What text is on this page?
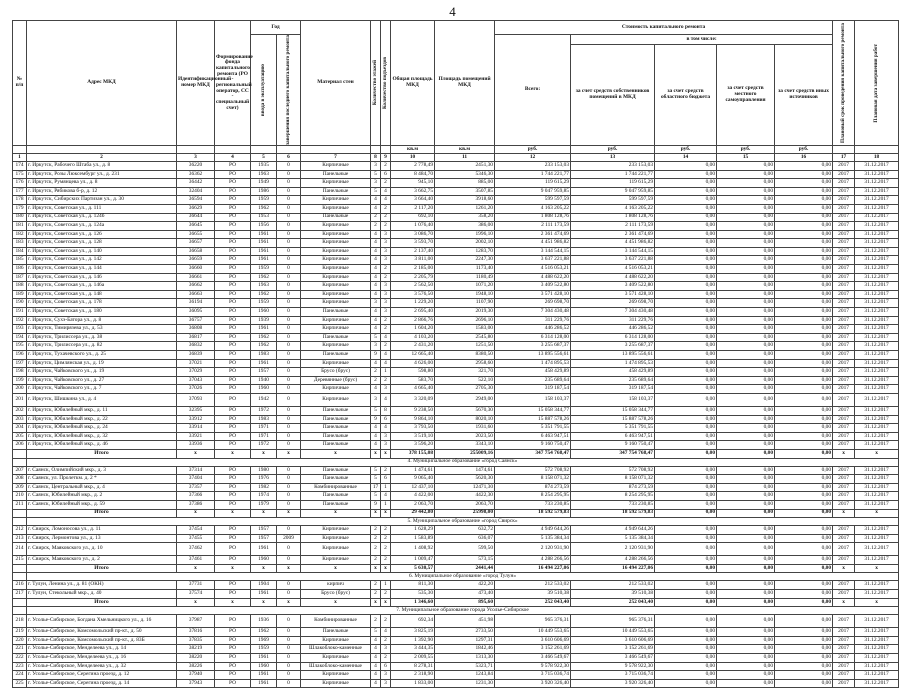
4
№ п/п	Адрес МКД	Идентификационный номер МКД	Формирование фонда капитального ремонта (РО - региональный оператор, СС - специальный счет)	Год		Материал стен	Количество этажей	Количество подъездов	Общая площадь МКД	Площадь помещений МКД	Стоимость капитального ремонта					Плановый срок проведения капитального ремонта	Плановая дата завершения работ

				ввода в эксплуатацию	завершения последнего капитального ремонта						Всего:	в том числе:					
												за счет средств собственников помещений в МКД	за счет средств областного бюджета	за счет средств местного самоуправления	за счет средств иных источников		
									кв.м	кв.м	руб.	руб.	руб.	руб.	руб.		
1	2	3	4	5	6	7	8	9	10	11	12	13	14	15	16	17	18
174	г. Иркутск, Рабочего Штаба ул., д. 8	36220	РО	1935	0	Кирпичные	3	2	2 778,49	2451,30	233 153,03	233 153,03	0,00	0,00	0,00	2017	31.12.2017
175	г. Иркутск, Розы Люксембург ул., д. 231	36362	РО	1963	0	Панельные	5	6	8 484,70	5346,30	1 744 221,77	1 744 221,77	0,00	0,00	0,00	2017	31.12.2017
176	г. Иркутск, Румянцева ул., д. 8	36442	РО	1949	0	Кирпичные	3	2	945,10	885,00	119 615,29	119 615,29	0,00	0,00	0,00	2017	31.12.2017
177	г. Иркутск, Рябикова б-р, д. 12	32404	РО	1986	0	Панельные	5	4	3 662,75	3507,85	9 047 959,85	9 047 959,85	0,00	0,00	0,00	2017	31.12.2017
178	г. Иркутск, Сибирских Партизан ул., д. 30	36594	РО	1959	0	Кирпичные	4	4	3 664,40	3918,60	599 597,59	599 597,59	0,00	0,00	0,00	2017	31.12.2017
179	г. Иркутск, Советская ул., д. 111	36629	РО	1962	0	Кирпичные	4	2	2 117,20	1261,20	4 163 205,22	4 163 205,22	0,00	0,00	0,00	2017	31.12.2017
180	г. Иркутск, Советская ул., д. 124б	36644	РО	1953	0	Панельные	2	2	692,10	358,20	1 808 128,76	1 808 128,76	0,00	0,00	0,00	2017	31.12.2017
181	г. Иркутск, Советская ул., д. 124а	36645	РО	1956	0	Кирпичные	2	2	1 076,40	386,00	2 111 173,59	2 111 173,59	0,00	0,00	0,00	2017	31.12.2017
182	г. Иркутск, Советская ул., д. 126	36655	РО	1961	0	Кирпичные	4	3	3 086,70	1996,10	2 361 474,69	2 361 474,69	0,00	0,00	0,00	2017	31.12.2017
183	г. Иркутск, Советская ул., д. 128	36657	РО	1961	0	Кирпичные	4	3	3 593,70	2002,10	4 451 986,82	4 451 986,82	0,00	0,00	0,00	2017	31.12.2017
184	г. Иркутск, Советская ул., д. 140	36658	РО	1961	0	Кирпичные	4	3	2 137,40	1283,70	3 144 544,15	3 144 544,15	0,00	0,00	0,00	2017	31.12.2017
185	г. Иркутск, Советская ул., д. 142	36659	РО	1961	0	Кирпичные	4	3	3 811,00	2247,30	3 637 221,88	3 637 221,88	0,00	0,00	0,00	2017	31.12.2017
186	г. Иркутск, Советская ул., д. 144	36660	РО	1959	0	Кирпичные	4	2	2 185,00	1173,40	4 516 053,21	4 516 053,21	0,00	0,00	0,00	2017	31.12.2017
187	г. Иркутск, Советская ул., д. 146	36661	РО	1962	0	Кирпичные	4	2	2 205,79	1180,49	4 488 622,20	4 488 622,20	0,00	0,00	0,00	2017	31.12.2017
188	г. Иркутск, Советская ул., д. 146а	36662	РО	1963	0	Кирпичные	4	3	2 562,50	1071,20	3 409 522,80	3 409 522,80	0,00	0,00	0,00	2017	31.12.2017
189	г. Иркутск, Советская ул., д. 148	36663	РО	1962	0	Кирпичные	4	3	3 576,50	1948,10	3 571 428,10	3 571 428,10	0,00	0,00	0,00	2017	31.12.2017
190	г. Иркутск, Советская ул., д. 178	36194	РО	1959	0	Кирпичные	3	3	1 229,20	1107,90	269 698,70	269 698,70	0,00	0,00	0,00	2017	31.12.2017
191	г. Иркутск, Советская ул., д. 180	36095	РО	1960	0	Панельные	4	3	2 695,40	2019,30	7 304 430,48	7 304 430,48	0,00	0,00	0,00	2017	31.12.2017
192	г. Иркутск, Сухэ-Батора ул., д. 8	36757	РО	1939	0	Кирпичные	4	2	2 866,76	2696,10	311 229,76	311 229,76	0,00	0,00	0,00	2017	31.12.2017
193	г. Иркутск, Тимирязева ул., д. 53	36808	РО	1961	0	Кирпичные	4	2	1 604,20	1583,00	446 286,52	446 286,52	0,00	0,00	0,00	2017	31.12.2017
194	г. Иркутск, Трилиссера ул., д. 38	36817	РО	1962	0	Панельные	5	4	4 103,20	2545,80	6 314 128,00	6 314 128,00	0,00	0,00	0,00	2017	31.12.2017
195	г. Иркутск, Трилиссера ул., д. 82	36832	РО	1962	0	Кирпичные	3	2	2 431,20	1251,50	3 255 687,37	3 255 687,37	0,00	0,00	0,00	2017	31.12.2017
196	г. Иркутск, Тухачевского ул., д. 25	36839	РО	1983	0	Панельные	9	4	12 665,40	8380,50	13 895 556,61	13 895 556,61	0,00	0,00	0,00	2017	31.12.2017
197	г. Иркутск, Цимлянская ул., д. 19	37021	РО	1961	0	Кирпичные	4	4	4 626,00	2958,60	1 474 895,53	1 474 895,53	0,00	0,00	0,00	2017	31.12.2017
198	г. Иркутск, Чайковского ул., д. 19	37029	РО	1957	0	Брусо (брус)	2	1	598,80	321,70	458 429,89	458 429,89	0,00	0,00	0,00	2017	31.12.2017
199	г. Иркутск, Чайковского ул., д. 27	37043	РО	1940	0	Деревянные (брус)	2	2	583,70	522,10	235 689,64	235 689,64	0,00	0,00	0,00	2017	31.12.2017
200	г. Иркутск, Чайковского ул., д. 7	37026	РО	1960	0	Кирпичные	4	3	4 665,40	2705,30	319 187,54	319 187,54	0,00	0,00	0,00	2017	31.12.2017
201	г. Иркутск, Шишкина ул., д. 4	37093	РО	1942	0	Кирпичные	3	4	3 320,09	2949,00	158 103,37	158 103,37	0,00	0,00	0,00	2017	31.12.2017
202	г. Иркутск, Юбилейный мкр., д. 11	32395	РО	1972	0	Панельные	5	8	9 238,50	5670,30	15 058 344,77	15 058 344,77	0,00	0,00	0,00	2017	31.12.2017
203	г. Иркутск, Юбилейный мкр., д. 22	33912	РО	1983	0	Панельные	9	6	9 864,10	8020,10	15 887 578,26	15 887 578,26	0,00	0,00	0,00	2017	31.12.2017
204	г. Иркутск, Юбилейный мкр., д. 24	33914	РО	1971	0	Панельные	4	4	3 793,50	1931,60	5 351 791,55	5 351 791,55	0,00	0,00	0,00	2017	31.12.2017
205	г. Иркутск, Юбилейный мкр., д. 32	33921	РО	1971	0	Панельные	4	3	3 519,10	2023,50	6 463 947,51	6 463 947,51	0,00	0,00	0,00	2017	31.12.2017
206	г. Иркутск, Юбилейный мкр., д. 46	33936	РО	1972	0	Панельные	4	3	3 596,20	3343,10	9 160 750,47	9 160 750,47	0,00	0,00	0,00	2017	31.12.2017
	Итого	x	x	x	x	x	x	x	378 155,08	255009,16	347 754 768,47	347 754 768,47	0,00	0,00	0,00	x	x
	4. Муниципальное образование «город Саянск»																
207	г. Саянск, Олимпийский мкр., д. 3	37314	РО	1980	0	Панельные	5	2	1 474,61	1474,61	572 708,92	572 708,92	0,00	0,00	0,00	2017	31.12.2017
208	г. Саянск, ул. Пролеткм. д. 2 *	37404	РО	1976	0	Панельные	5	6	9 065,40	5620,30	8 158 071,32	8 158 071,32	0,00	0,00	0,00	2017	31.12.2017
209	г. Саянск, Центральный мкр., д. 4	37357	РО	1982	0	Комбинированные	17	1	12 437,10	12471,30	874 273,59	874 273,59	0,00	0,00	0,00	2017	31.12.2017
210	г. Саянск, Юбилейный мкр., д. 2	37366	РО	1974	0	Панельные	5	4	4 422,00	4422,30	8 254 295,95	8 254 295,95	0,00	0,00	0,00	2017	31.12.2017
211	г. Саянск, Юбилейный мкр., д. 59	37386	РО	1979	0	Панельные	9	1	2 063,70	2063,70	733 230,85	733 230,85	0,00	0,00	0,00	2017	31.12.2017
	Итого	x	x	x	x	x	x	x	29 442,80	25998,00	18 592 579,83	18 592 579,83	0,00	0,00	0,00	x	x
	5. Муниципальное образование «город Свирск»																
212	г. Свирск, Ломоносова ул., д. 11	37454	РО	1957	0	Кирпичные	2	2	1 628,29	632,72	4 949 644,26	4 949 644,26	0,00	0,00	0,00	2017	31.12.2017
213	г. Свирск, Лермонтова ул., д. 13	37455	РО	1957	2009	Кирпичные	2	2	1 583,89	636,07	5 135 384,34	5 135 384,34	0,00	0,00	0,00	2017	31.12.2017
214	г. Свирск, Маяковского ул., д. 10	37462	РО	1961	0	Кирпичные	2	2	1 408,92	599,50	2 120 931,90	2 120 931,90	0,00	0,00	0,00	2017	31.12.2017
215	г. Свирск, Маяковского ул., д. 2	37461	РО	1960	0	Кирпичные	2	2	1 009,47	573,15	4 288 266,56	4 288 266,56	0,00	0,00	0,00	2017	31.12.2017
	Итого	x	x	x	x	x	x	x	5 630,57	2441,44	16 494 227,06	16 494 227,06	0,00	0,00	0,00	x	x
	6. Муниципальное образование «город Тулун»																
216	г. Тулун, Ленина ул., д. 81 (ОКН)	37731	РО	1904	0	кирпич	2	1	811,30	422,20	212 533,02	212 533,02	0,00	0,00	0,00	2017	31.12.2017
217	г. Тулун, Стекольный мкр., д. 40	37574	РО	1961	0	Брусо (брус)	2	2	535,30	473,40	39 510,38	39 510,38	0,00	0,00	0,00	2017	31.12.2017
	Итого	x	x	x	x	x	x	x	1 346,60	895,60	252 043,40	252 043,40	0,00	0,00	0,00	x	x
	7. Муниципальное образование города Усолье-Сибирское																
218	г. Усолье-Сибирское, Богдана Хмельницкого ул., д. 16	37987	РО	1936	0	Комбинированные	2	2	692,34	451,98	965 376,31	965 376,31	0,00	0,00	0,00	2017	31.12.2017
219	г. Усолье-Сибирское, Комсомольский пр-кт., д. 50	37816	РО	1962	0	Панельные	5	4	3 825,19	2733,50	10 449 553,65	10 449 553,65	0,00	0,00	0,00	2017	31.12.2017
220	г. Усолье-Сибирское, Комсомольский пр-кт., д. 83Б	37835	РО	1969	0	Кирпичные	4	2	1 392,90	1297,31	3 610 606,69	3 610 606,69	0,00	0,00	0,00	2017	31.12.2017
221	г. Усолье-Сибирское, Менделеева ул., д. 14	38219	РО	1959	0	Шлакоблоко-каменные	4	3	3 444,35	1842,46	3 152 261,69	3 152 261,69	0,00	0,00	0,00	2017	31.12.2017
222	г. Усолье-Сибирское, Менделеева ул., д. 16	38220	РО	1961	0	Кирпичные	4	2	2 009,55	1313,30	3 466 549,67	3 466 549,67	0,00	0,00	0,00	2017	31.12.2017
223	г. Усолье-Сибирское, Менделеева ул., д. 32	38226	РО	1960	0	Шлакоблоко-каменные	4	6	8 278,31	5323,71	9 578 922,30	9 578 922,30	0,00	0,00	0,00	2017	31.12.2017
224	г. Усолье-Сибирское, Серегина проезд, д. 12	37940	РО	1961	0	Кирпичные	4	3	2 318,90	1243,84	3 715 036,74	3 715 036,74	0,00	0,00	0,00	2017	31.12.2017
225	г. Усолье-Сибирское, Серегина проезд, д. 14	37943	РО	1961	0	Кирпичные	4	3	1 833,00	1231,30	3 920 326,40	3 920 326,40	0,00	0,00	0,00	2017	31.12.2017
